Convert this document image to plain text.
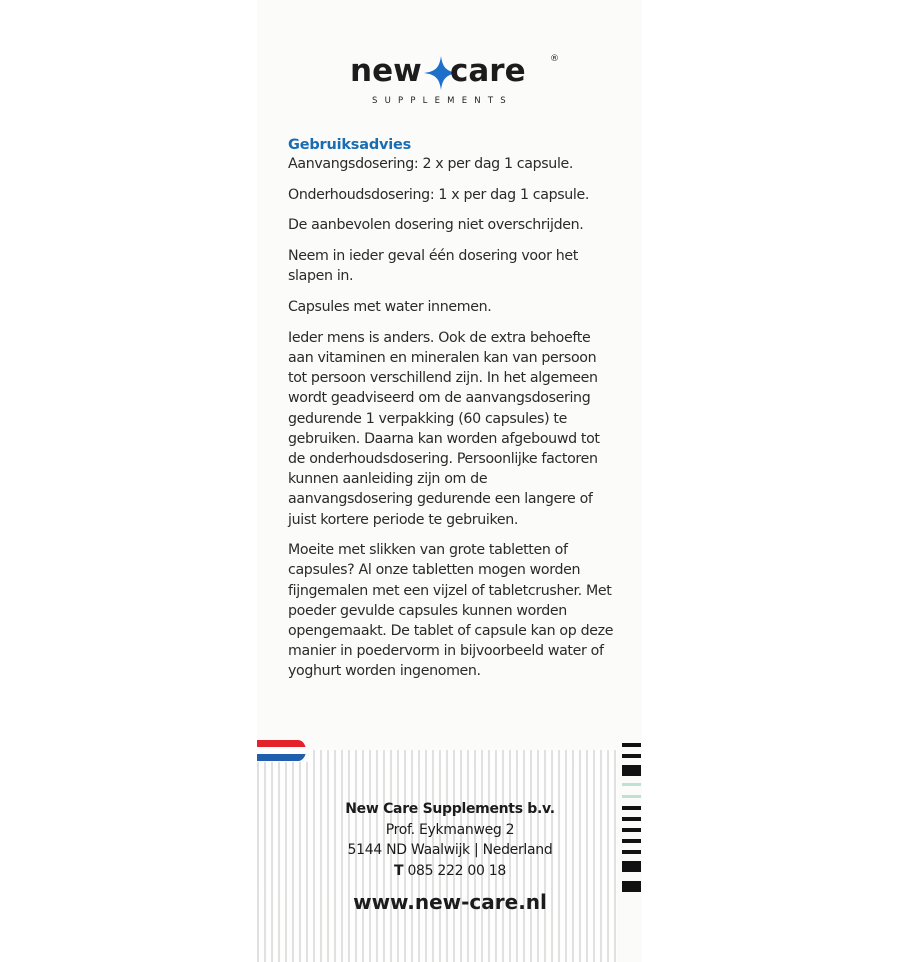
new care	®
SUPPLEMENTS
Gebruiksadvies

Aanvangsdosering: 2 x per dag 1 capsule.

Onderhoudsdosering: 1 x per dag 1 capsule.

De aanbevolen dosering niet overschrijden.

Neem in ieder geval één dosering voor het slapen in.

Capsules met water innemen.

Ieder mens is anders. Ook de extra behoefte aan vitaminen en mineralen kan van persoon tot persoon verschillend zijn. In het algemeen wordt geadviseerd om de aanvangsdosering gedurende 1 verpakking (60 capsules) te gebruiken. Daarna kan worden afgebouwd tot de onderhoudsdosering. Persoonlijke factoren kunnen aanleiding zijn om de aanvangsdosering gedurende een langere of juist kortere periode te gebruiken.

Moeite met slikken van grote tabletten of capsules? Al onze tabletten mogen worden fijngemalen met een vijzel of tabletcrusher. Met poeder gevulde capsules kunnen worden opengemaakt. De tablet of capsule kan op deze manier in poedervorm in bijvoorbeeld water of yoghurt worden ingenomen.

New Care Supplements b.v.
Prof. Eykmanweg 2
5144 ND Waalwijk | Nederland
T 085 222 00 18
www.new-care.nl
